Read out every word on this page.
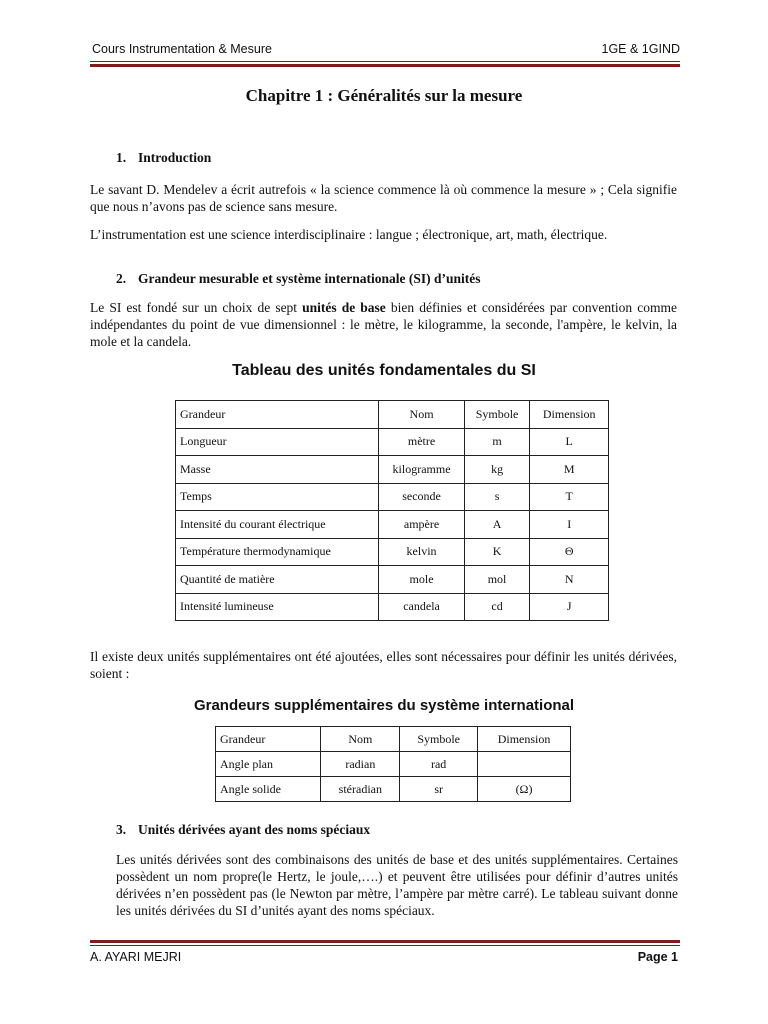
Cours Instrumentation & Mesure	1GE & 1GIND
Chapitre 1 : Généralités sur la mesure

1. Introduction

Le savant D. Mendelev a écrit autrefois « la science commence là où commence la mesure » ; Cela signifie que nous n’avons pas de science sans mesure.

L’instrumentation est une science interdisciplinaire : langue ; électronique, art, math, électrique.

2. Grandeur mesurable et système internationale (SI) d’unités

Le SI est fondé sur un choix de sept unités de base bien définies et considérées par convention comme indépendantes du point de vue dimensionnel : le mètre, le kilogramme, la seconde, l'ampère, le kelvin, la mole et la candela.

Tableau des unités fondamentales du SI

Grandeur	Nom	Symbole	Dimension
Longueur	mètre	m	L
Masse	kilogramme	kg	M
Temps	seconde	s	T
Intensité du courant électrique	ampère	A	I
Température thermodynamique	kelvin	K	Θ
Quantité de matière	mole	mol	N
Intensité lumineuse	candela	cd	J

Il existe deux unités supplémentaires ont été ajoutées, elles sont nécessaires pour définir les unités dérivées, soient :

Grandeurs supplémentaires du système international

Grandeur	Nom	Symbole	Dimension
Angle plan	radian	rad	
Angle solide	stéradian	sr	(Ω)

3. Unités dérivées ayant des noms spéciaux

Les unités dérivées sont des combinaisons des unités de base et des unités supplémentaires. Certaines possèdent un nom propre(le Hertz, le joule,….) et peuvent être utilisées pour définir d’autres unités dérivées n’en possèdent pas (le Newton par mètre, l’ampère par mètre carré). Le tableau suivant donne les unités dérivées du SI d’unités ayant des noms spéciaux.

A. AYARI MEJRI	Page 1
